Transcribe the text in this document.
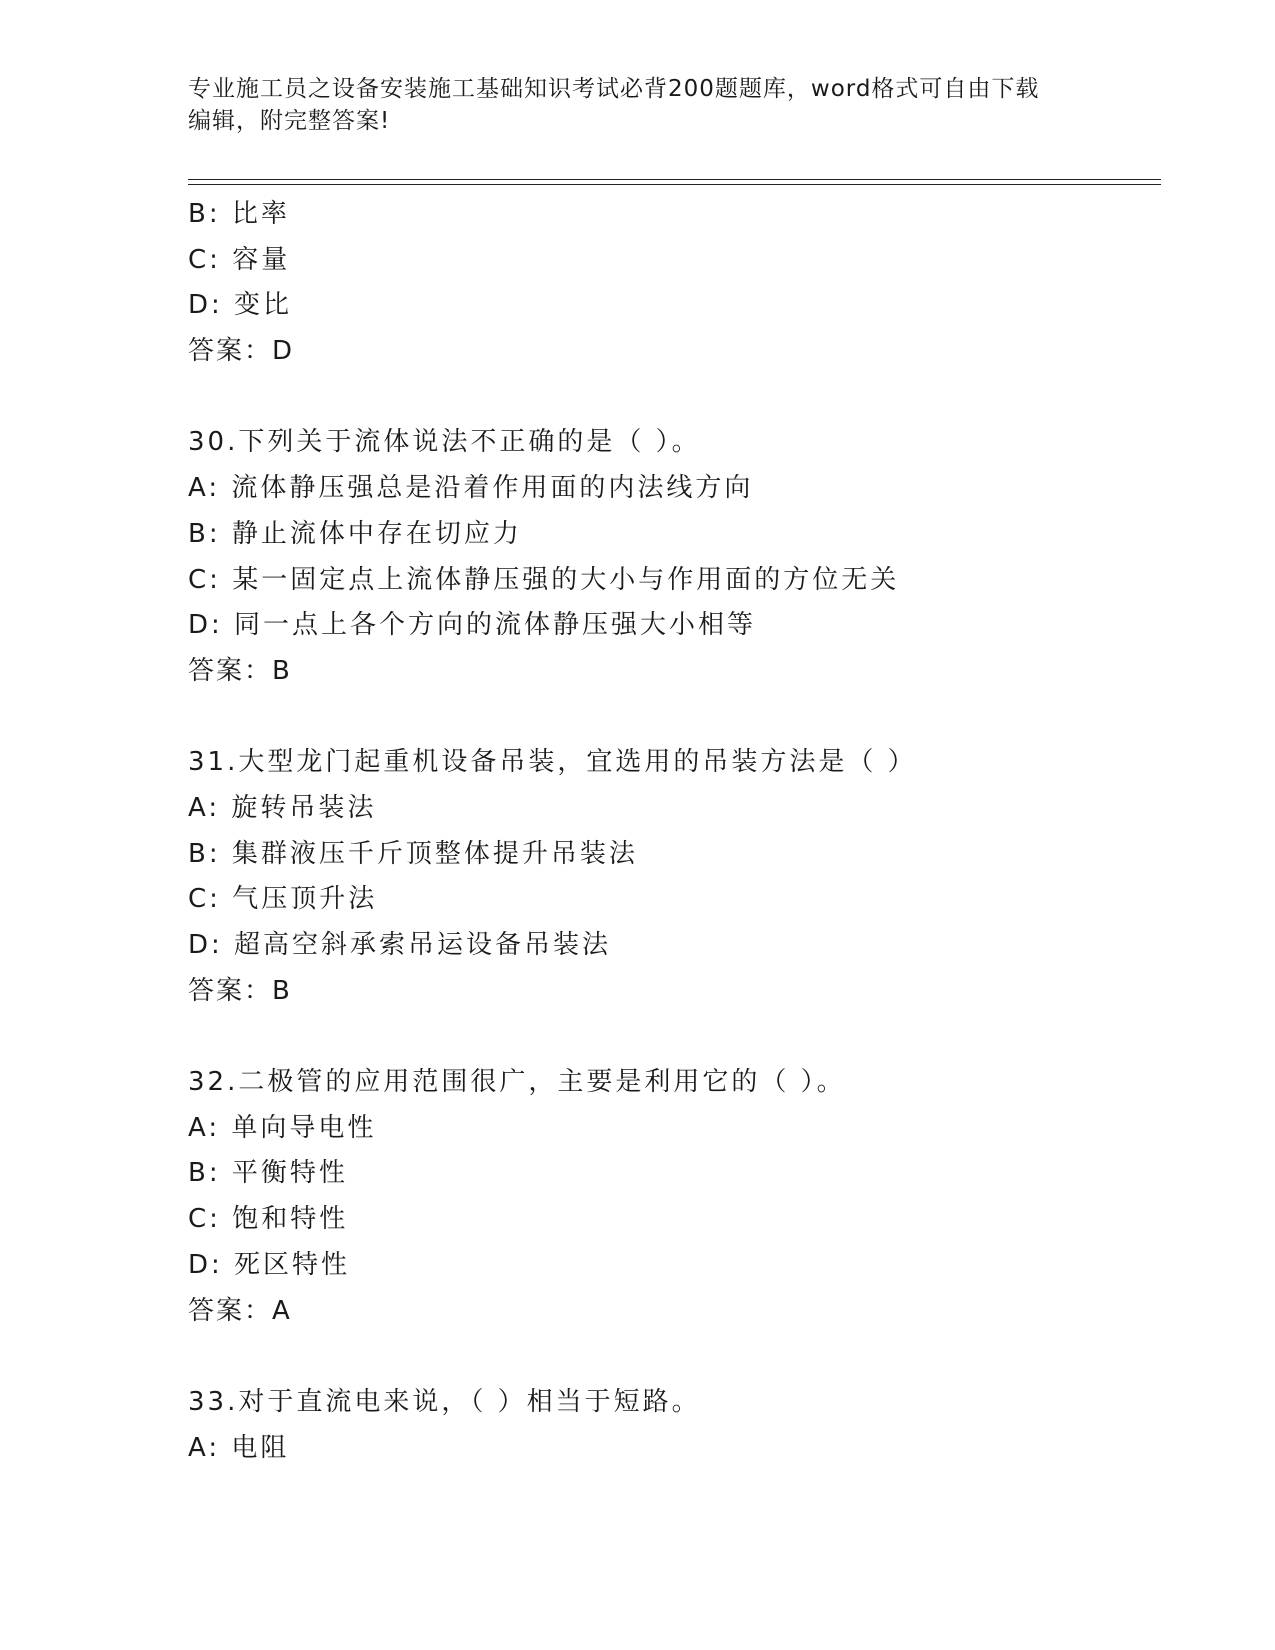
专业施工员之设备安装施工基础知识考试必背200题题库，word格式可自由下载
编辑，附完整答案!
B: 比率
C: 容量
D: 变比
答案：D
30.下列关于流体说法不正确的是（ ）。
A: 流体静压强总是沿着作用面的内法线方向
B: 静止流体中存在切应力
C: 某一固定点上流体静压强的大小与作用面的方位无关
D: 同一点上各个方向的流体静压强大小相等
答案：B
31.大型龙门起重机设备吊装，宜选用的吊装方法是（ ）
A: 旋转吊装法
B: 集群液压千斤顶整体提升吊装法
C: 气压顶升法
D: 超高空斜承索吊运设备吊装法
答案：B
32.二极管的应用范围很广，主要是利用它的（ ）。
A: 单向导电性
B: 平衡特性
C: 饱和特性
D: 死区特性
答案：A
33.对于直流电来说，（ ）相当于短路。
A: 电阻
